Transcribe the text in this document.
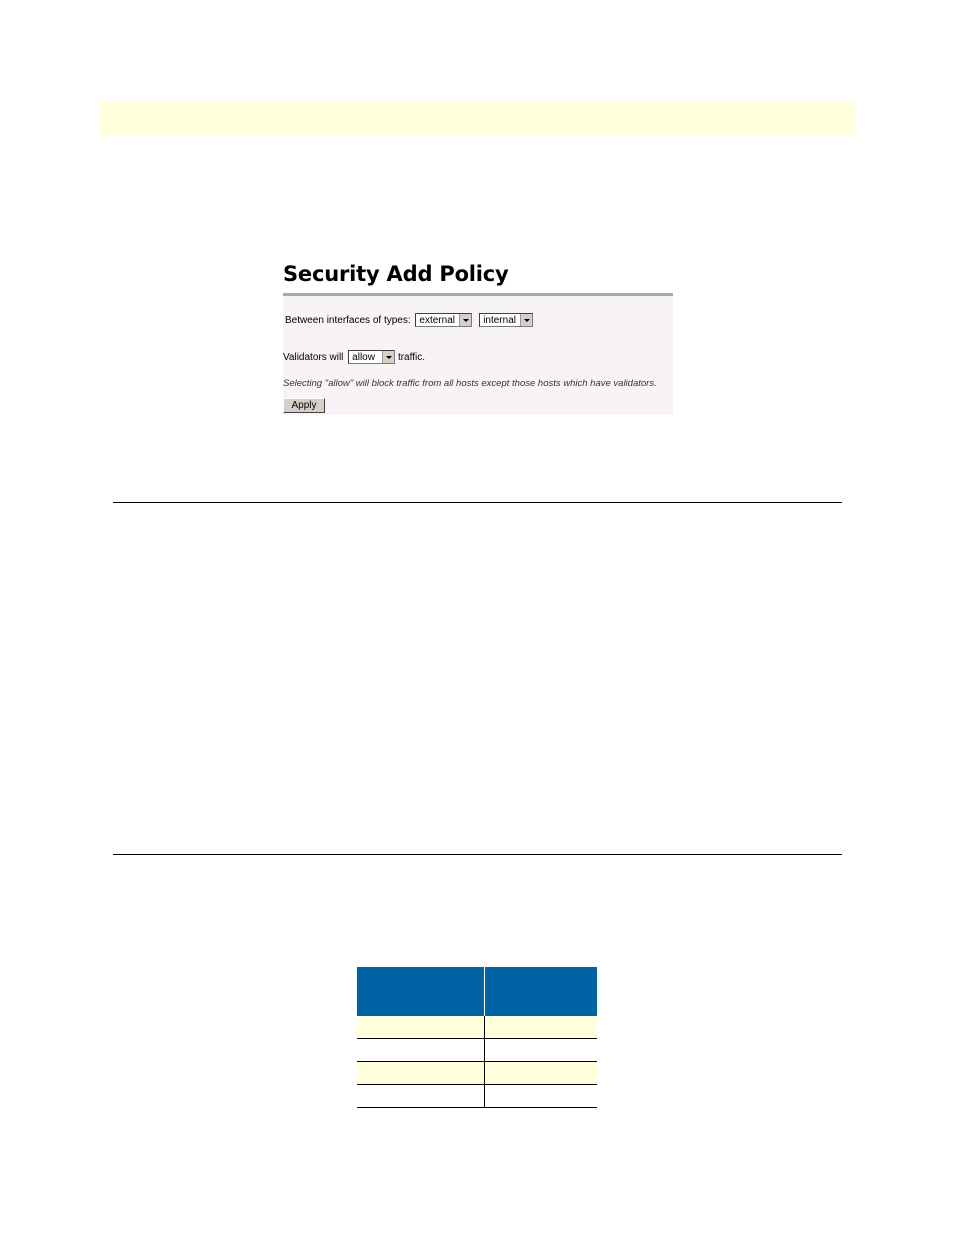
Security Add Policy
Between interfaces of types: external	internal
Validators will allow traffic.
Selecting "allow" will block traffic from all hosts except those hosts which have validators.
Apply
